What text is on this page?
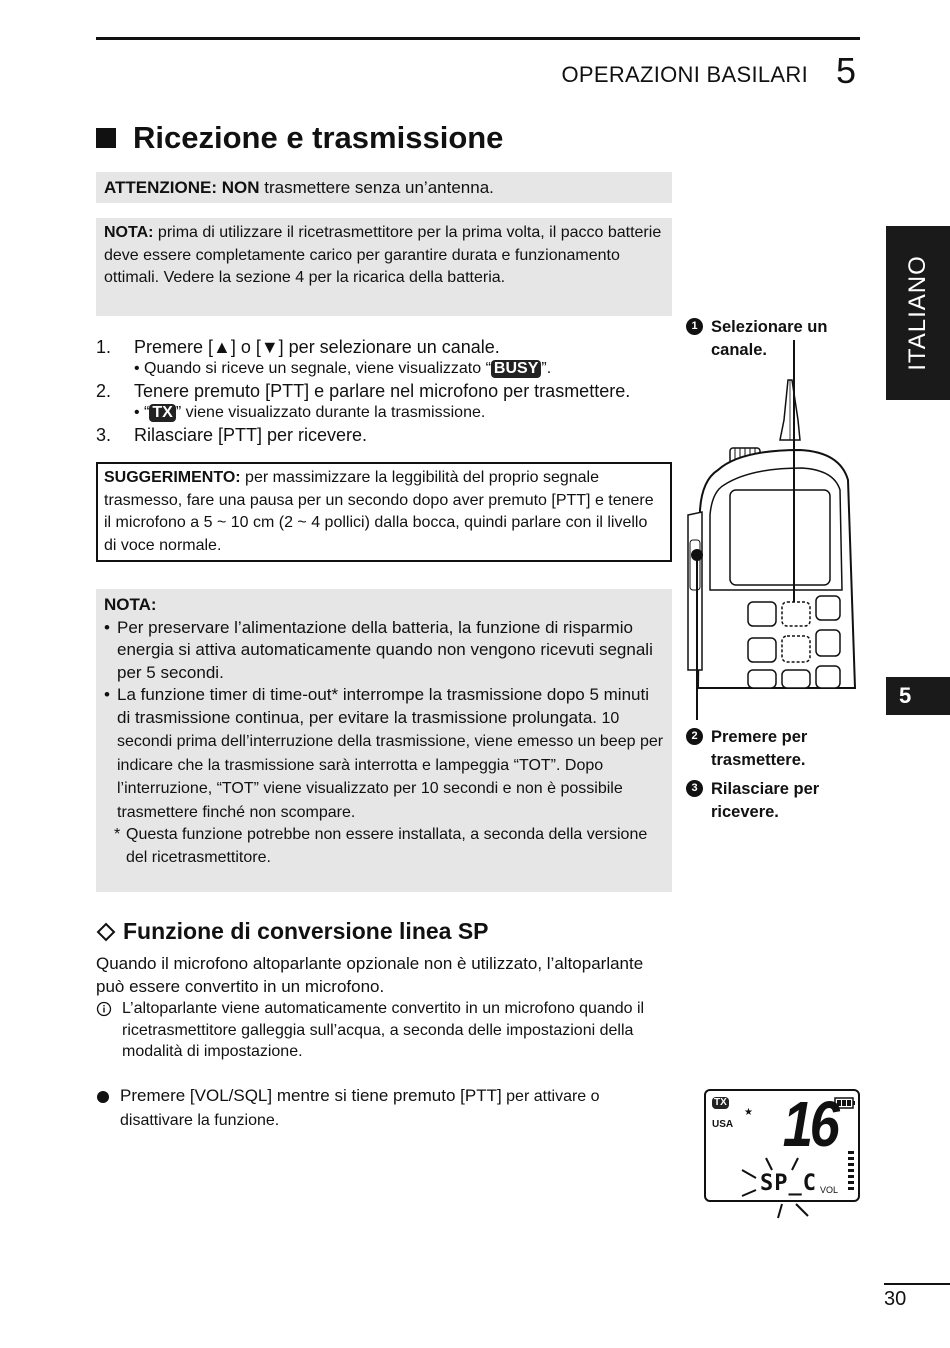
OPERAZIONI BASILARI 5
Ricezione e trasmissione
ATTENZIONE: NON trasmettere senza un’antenna.
NOTA: prima di utilizzare il ricetrasmettitore per la prima volta, il pacco batterie deve essere completamente carico per garantire durata e funzionamento ottimali. Vedere la sezione 4 per la ricarica della batteria.
1.	Premere [▲] o [▼] per selezionare un canale.
• Quando si riceve un segnale, viene visualizzato “ BUSY ”.
2.	Tenere premuto [PTT] e parlare nel microfono per trasmettere.
• “ TX ” viene visualizzato durante la trasmissione.
3.	Rilasciare [PTT] per ricevere.
SUGGERIMENTO: per massimizzare la leggibilità del proprio segnale trasmesso, fare una pausa per un secondo dopo aver premuto [PTT] e tenere il microfono a 5 ~ 10 cm (2 ~ 4 pollici) dalla bocca, quindi parlare con il livello di voce normale.
NOTA:
• Per preservare l’alimentazione della batteria, la funzione di risparmio energia si attiva automaticamente quando non vengono ricevuti segnali per 5 secondi.
• La funzione timer di time-out* interrompe la trasmissione dopo 5 minuti di trasmissione continua, per evitare la trasmissione prolungata. 10 secondi prima dell’interruzione della trasmissione, viene emesso un beep per indicare che la trasmissione sarà interrotta e lampeggia “TOT”. Dopo l’interruzione, “TOT” viene visualizzato per 10 secondi e non è possibile trasmettere finché non scompare.
* Questa funzione potrebbe non essere installata, a seconda della versione del ricetrasmettitore.
Funzione di conversione linea SP
Quando il microfono altoparlante opzionale non è utilizzato, l’altoparlante può essere convertito in un microfono.
L’altoparlante viene automaticamente convertito in un microfono quando il ricetrasmettitore galleggia sull’acqua, a seconda delle impostazioni della modalità di impostazione.
Premere [VOL/SQL] mentre si tiene premuto [PTT] per attivare o disattivare la funzione.
1 Selezionare un canale.
2 Premere per trasmettere.
3 Rilasciare per ricevere.
TX
USA
★ 16
SP_C VOL
ITALIANO
5
30
